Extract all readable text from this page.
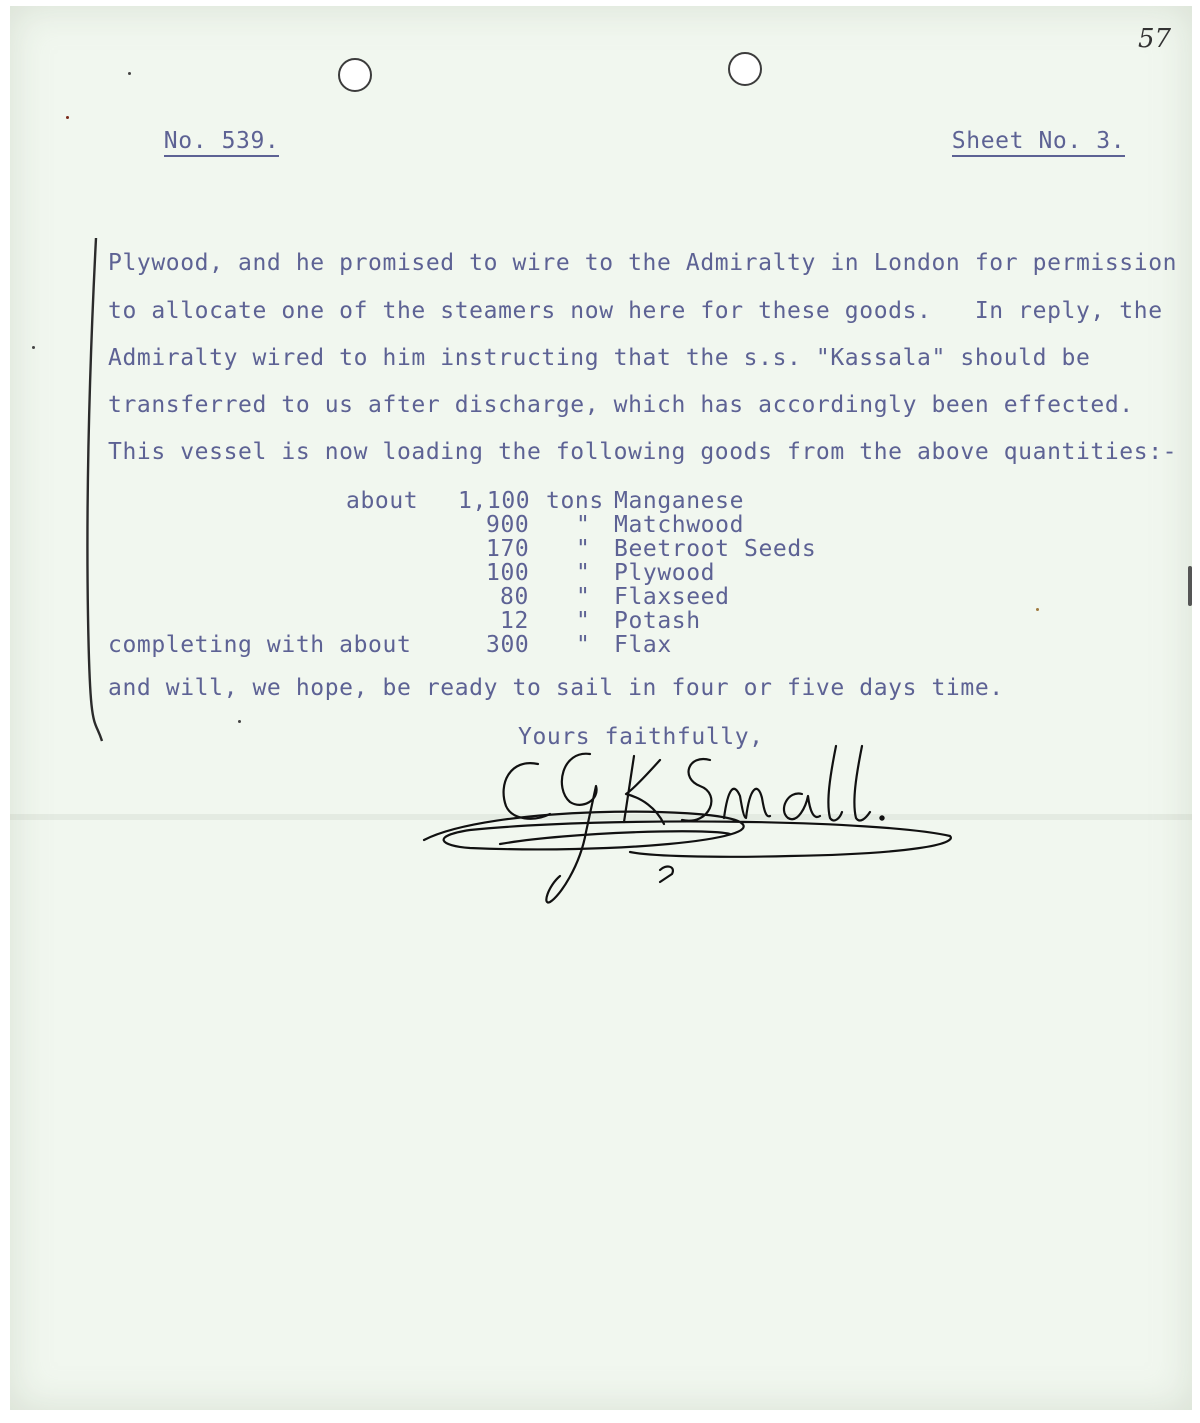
57

No. 539.
	Sheet No. 3.

Plywood, and he promised to wire to the Admiralty in London for permission
to allocate one of the steamers now here for these goods.   In reply, the
Admiralty wired to him instructing that the s.s. "Kassala" should be
transferred to us after discharge, which has accordingly been effected.
This vessel is now loading the following goods from the above quantities:-
about 1,100 tons Manganese
900 " Matchwood
170 " Beetroot Seeds
100 " Plywood
80 " Flaxseed
12 " Potash
completing with about	300 " Flax
and will, we hope, be ready to sail in four or five days time.
Yours faithfully,
